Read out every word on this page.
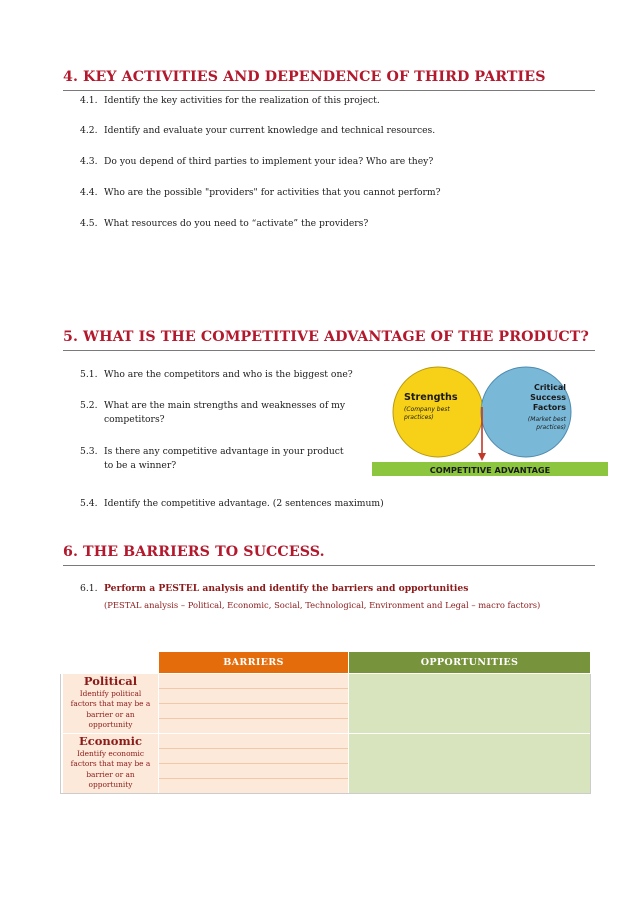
4. KEY ACTIVITIES AND DEPENDENCE OF THIRD PARTIES
4.1. Identify the key activities for the realization of this project.
4.2. Identify and evaluate your current knowledge and technical resources.
4.3. Do you depend of third parties to implement your idea? Who are they?
4.4. Who are the possible "providers" for activities that you cannot perform?
4.5. What resources do you need to “activate” the providers?
5. WHAT IS THE COMPETITIVE ADVANTAGE OF THE PRODUCT?
5.1. Who are the competitors and who is the biggest one?
5.2. What are the main strengths and weaknesses of my
competitors?
5.3. Is there any competitive advantage in your product
to be a winner?
5.4. Identify the competitive advantage. (2 sentences maximum)
COMPETITIVE ADVANTAGE
Strengths
(Company best
practices)
Critical
Success
Factors
(Market best
practices)
6. THE BARRIERS TO SUCCESS.
6.1. Perform a PESTEL analysis and identify the barriers and opportunities
(PESTAL analysis – Political, Economic, Social, Technological, Environment and Legal – macro factors)
BARRIERS	OPPORTUNITIES
Political
Identify political
factors that may be a
barrier or an
opportunity
Economic
Identify economic
factors that may be a
barrier or an
opportunity
